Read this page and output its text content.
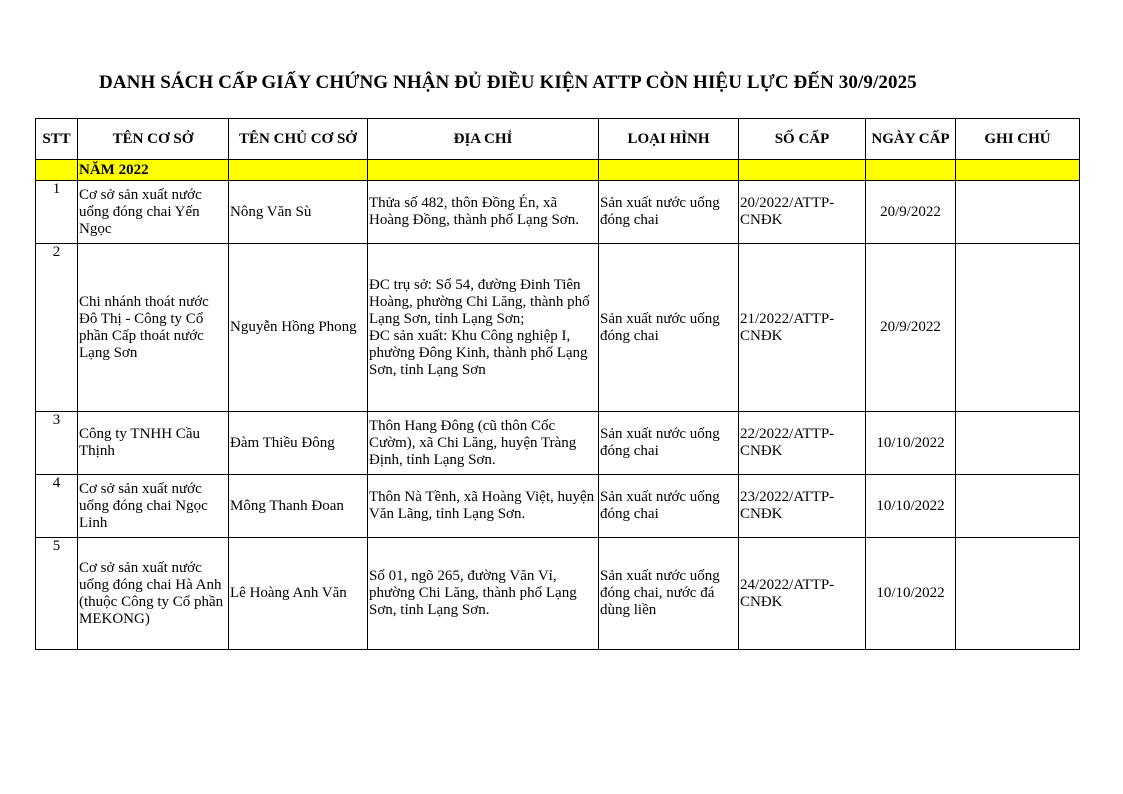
DANH SÁCH CẤP GIẤY CHỨNG NHẬN ĐỦ ĐIỀU KIỆN ATTP CÒN HIỆU LỰC ĐẾN 30/9/2025
STT	TÊN CƠ SỞ	TÊN CHỦ CƠ SỞ	ĐỊA CHỈ	LOẠI HÌNH	SỐ CẤP	NGÀY CẤP	GHI CHÚ
	NĂM 2022						
1	Cơ sở sản xuất nước uống đóng chai Yến Ngọc	Nông Văn Sù	Thửa số 482, thôn Đồng Én, xã Hoàng Đồng, thành phố Lạng Sơn.	Sản xuất nước uống đóng chai	20/2022/ATTP-CNĐK	20/9/2022	
2	Chi nhánh thoát nước Đô Thị - Công ty Cổ phần Cấp thoát nước Lạng Sơn	Nguyễn Hồng Phong	ĐC trụ sở: Số 54, đường Đinh Tiên Hoàng, phường Chi Lăng, thành phố Lạng Sơn, tỉnh Lạng Sơn;
ĐC sản xuất: Khu Công nghiệp I, phường Đông Kinh, thành phố Lạng Sơn, tỉnh Lạng Sơn	Sản xuất nước uống đóng chai	21/2022/ATTP-CNĐK	20/9/2022	
3	Công ty TNHH Cầu Thịnh	Đàm Thiều Đông	Thôn Hang Đông (cũ thôn Cốc Cườm), xã Chi Lăng, huyện Tràng Định, tỉnh Lạng Sơn.	Sản xuất nước uống đóng chai	22/2022/ATTP-CNĐK	10/10/2022	
4	Cơ sở sản xuất nước uống đóng chai Ngọc Linh	Mông Thanh Đoan	Thôn Nà Tềnh, xã Hoàng Việt, huyện Văn Lãng, tỉnh Lạng Sơn.	Sản xuất nước uống đóng chai	23/2022/ATTP-CNĐK	10/10/2022	
5	Cơ sở sản xuất nước uống đóng chai Hà Anh (thuộc Công ty Cổ phần MEKONG)	Lê Hoàng Anh Văn	Số 01, ngõ 265, đường Văn Vỉ, phường Chi Lăng, thành phố Lạng Sơn, tỉnh Lạng Sơn.	Sản xuất nước uống đóng chai, nước đá dùng liền	24/2022/ATTP-CNĐK	10/10/2022	
